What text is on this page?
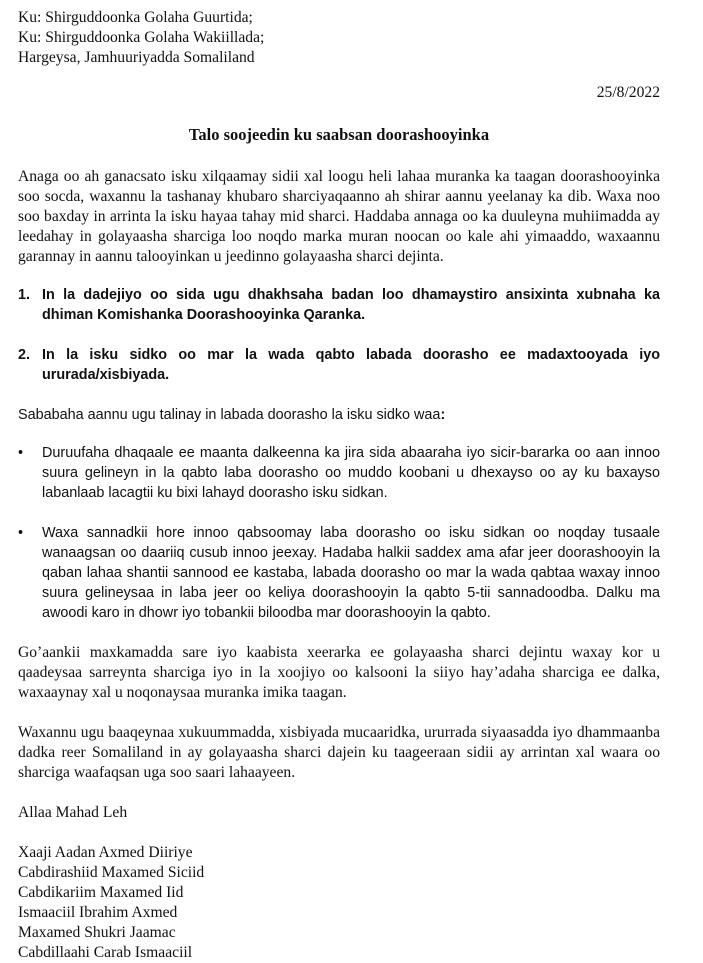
Ku: Shirguddoonka Golaha Guurtida;
Ku: Shirguddoonka Golaha Wakiillada;
Hargeysa, Jamhuuriyadda Somaliland
25/8/2022
Talo soojeedin ku saabsan doorashooyinka

Anaga oo ah ganacsato isku xilqaamay sidii xal loogu heli lahaa muranka ka taagan doorashooyinka soo socda, waxannu la tashanay khubaro sharciyaqaanno ah shirar aannu yeelanay ka dib. Waxa noo soo baxday in arrinta la isku hayaa tahay mid sharci. Haddaba annaga oo ka duuleyna muhiimadda ay leedahay in golayaasha sharciga loo noqdo marka muran noocan oo kale ahi yimaaddo, waxaannu garannay in aannu talooyinkan u jeedinno golayaasha sharci dejinta.

1. In la dadejiyo oo sida ugu dhakhsaha badan loo dhamaystiro ansixinta xubnaha ka dhiman Komishanka Doorashooyinka Qaranka.
2. In la isku sidko oo mar la wada qabto labada doorasho ee madaxtooyada iyo ururada/xisbiyada.

Sababaha aannu ugu talinay in labada doorasho la isku sidko waa:

•	Duruufaha dhaqaale ee maanta dalkeenna ka jira sida abaaraha iyo sicir-bararka oo aan innoo suura gelineyn in la qabto laba doorasho oo muddo koobani u dhexayso oo ay ku baxayso labanlaab lacagtii ku bixi lahayd doorasho isku sidkan.
•	Waxa sannadkii hore innoo qabsoomay laba doorasho oo isku sidkan oo noqday tusaale wanaagsan oo daariiq cusub innoo jeexay. Hadaba halkii saddex ama afar jeer doorashooyin la qaban lahaa shantii sannood ee kastaba, labada doorasho oo mar la wada qabtaa waxay innoo suura gelineysaa in laba jeer oo keliya doorashooyin la qabto 5-tii sannadoodba. Dalku ma awoodi karo in dhowr iyo tobankii biloodba mar doorashooyin la qabto.

Go’aankii maxkamadda sare iyo kaabista xeerarka ee golayaasha sharci dejintu waxay kor u qaadeysaa sarreynta sharciga iyo in la xoojiyo oo kalsooni la siiyo hay’adaha sharciga ee dalka, waxaaynay xal u noqonaysaa muranka imika taagan.

Waxannu ugu baaqeynaa xukuummadda, xisbiyada mucaaridka, ururrada siyaasadda iyo dhammaanba dadka reer Somaliland in ay golayaasha sharci dajein ku taageeraan sidii ay arrintan xal waara oo sharciga waafaqsan uga soo saari lahaayeen.

Allaa Mahad Leh
Xaaji Aadan Axmed Diiriye
Cabdirashiid Maxamed Siciid
Cabdikariim Maxamed Iid
Ismaaciil Ibrahim Axmed
Maxamed Shukri Jaamac
Cabdillaahi Carab Ismaaciil
